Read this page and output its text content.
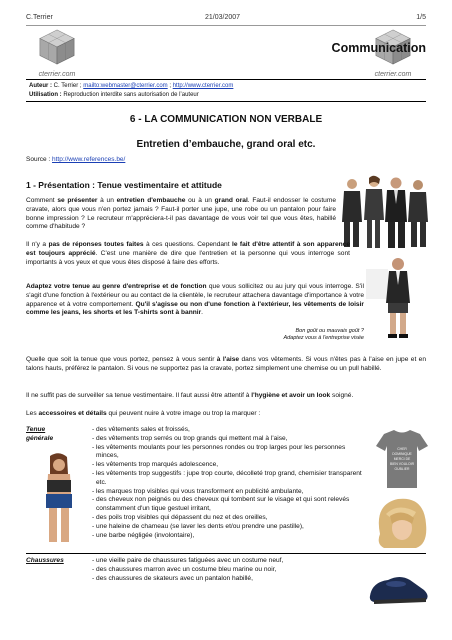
C.Terrier	21/03/2007	1/5
cterrier.com	cterrier.com
Communication
Auteur : C. Terrier ; mailto:webmaster@cterrier.com ; http://www.cterrier.com
Utilisation : Reproduction interdite sans autorisation de l’auteur
6 - LA COMMUNICATION NON VERBALE
Entretien d’embauche, grand oral etc.
Source : http://www.references.be/
1 - Présentation : Tenue vestimentaire et attitude
Comment se présenter à un entretien d'embauche ou à un grand oral. Faut-il endosser le costume cravate, alors que vous n'en portez jamais ? Faut-il porter une jupe, une robe ou un pantalon pour faire bonne impression ? Le recruteur m'appréciera-t-il pas davantage de vous voir tel que vous êtes, habillé comme d'habitude ?
Il n'y a pas de réponses toutes faites à ces questions. Cependant le fait d'être attentif à son apparence est toujours apprécié. C'est une manière de dire que l'entretien et la personne qui vous interroge sont importants à vos yeux et que vous êtes disposé à faire des efforts.
Adaptez votre tenue au genre d'entreprise et de fonction que vous sollicitez ou au jury qui vous interroge. S'il s'agit d'une fonction à l'extérieur ou au contact de la clientèle, le recruteur attachera davantage d'importance à votre apparence et à votre comportement. Qu'il s'agisse ou non d'une fonction à l'extérieur, les vêtements de loisir comme les jeans, les shorts et les T-shirts sont à bannir.
Bon goût ou mauvais goût ?
Adaptez vous à l'entreprise visée
Quelle que soit la tenue que vous portez, pensez à vous sentir à l'aise dans vos vêtements. Si vous n'êtes pas à l'aise en jupe et en talons hauts, préférez le pantalon. Si vous ne supportez pas la cravate, portez simplement une chemise ou un pull habillé.
Il ne suffit pas de surveiller sa tenue vestimentaire. Il faut aussi être attentif à l'hygiène et avoir un look soigné.
Les accessoires et détails qui peuvent nuire à votre image ou trop la marquer :
Tenue
générale
- des vêtements sales et froissés,
- des vêtements trop serrés ou trop grands qui mettent mal à l'aise,
- les vêtements moulants pour les personnes rondes ou trop larges pour les personnes minces,
- les vêtements trop marqués adolescence,
- les vêtements trop suggestifs : jupe trop courte, décolleté trop grand, chemisier transparent etc.
- les marques trop visibles qui vous transforment en publicité ambulante,
- des cheveux non peignés ou des cheveux qui tombent sur le visage et qui sont relevés constamment d'un tique gestuel irritant,
- des poils trop visibles qui dépassent du nez et des oreilles,
- une haleine de chameau (se laver les dents et/ou prendre une pastille),
- une barbe négligée (involontaire),
CHER
DOMINIQUE
MERCI DE
BIEN VOULOIR
OUBLIER
Chaussures	- une vieille paire de chaussures fatiguées avec un costume neuf,
- des chaussures marron avec un costume bleu marine ou noir,
- des chaussures de skateurs avec un pantalon habillé,
